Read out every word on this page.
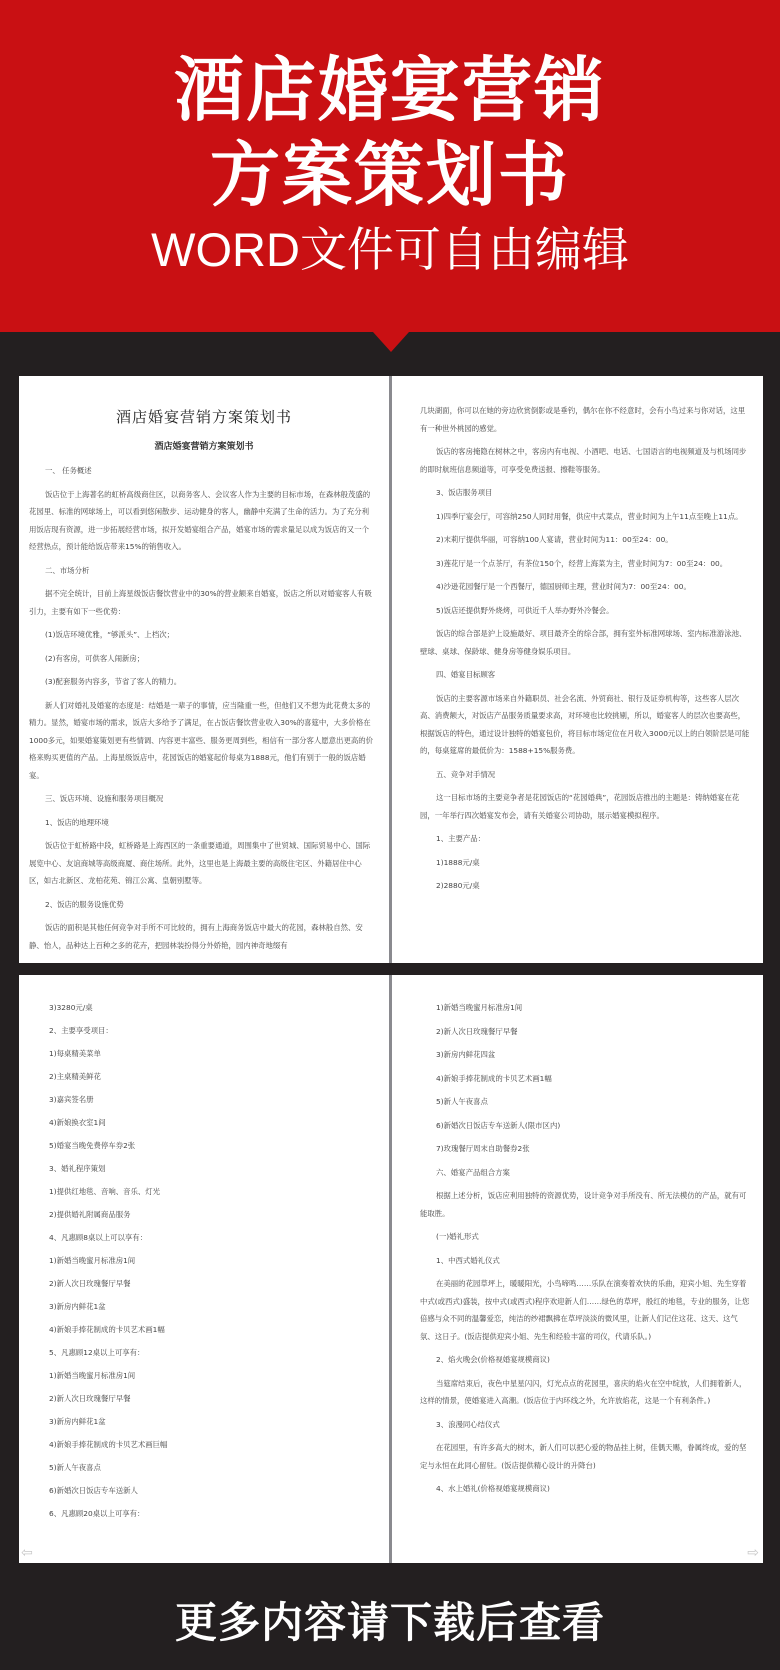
酒店婚宴营销
方案策划书
WORD文件可自由编辑
酒店婚宴营销方案策划书
酒店婚宴营销方案策划书
一、 任务概述
饭店位于上海著名的虹桥高级商住区，以商务客人、会议客人作为主要的目标市场，在森林般茂盛的花园里、标准的网球场上，可以看到悠闲散步、运动健身的客人，幽静中充满了生命的活力。为了充分利用饭店现有资源，进一步拓展经营市场，拟开发婚宴组合产品，婚宴市场的需求量足以成为饭店的又一个经营热点，预计能给饭店带来15%的销售收入。
二、市场分析
据不完全统计，目前上海星级饭店餐饮营业中的30%的营业额来自婚宴，饭店之所以对婚宴客人有吸引力，主要有如下一些优势：
(1)饭店环境优雅，“够派头”、上档次；
(2)有客房，可供客人闹新房；
(3)配套服务内容多，节省了客人的精力。
新人们对婚礼及婚宴的态度是：结婚是一辈子的事情，应当隆重一些，但他们又不想为此花费太多的精力。显然，婚宴市场的需求，饭店大多给予了满足，在占饭店餐饮营业收入30%的喜筵中，大多价格在1000多元，如果婚宴策划更有些情调、内容更丰富些、服务更周到些，相信有一部分客人愿意出更高的价格来购买更值的产品。上海星级饭店中，花园饭店的婚宴起价每桌为1888元，他们有别于一般的饭店婚宴。
三、饭店环境、设施和服务项目概况
1、饭店的地理环境
饭店位于虹桥路中段，虹桥路是上海西区的一条重要通道，周围集中了世贸城、国际贸易中心、国际展览中心、友谊商城等高级商厦、商住场所。此外，这里也是上海最主要的高级住宅区、外籍居住中心区，如古北新区、龙柏花苑、锦江公寓、皇朝别墅等。
2、饭店的服务设施优势
饭店的面积是其他任何竞争对手所不可比较的，拥有上海商务饭店中最大的花园，森林般自然、安静、怡人，品种达上百种之多的花卉，把园林装扮得分外娇艳，园内神奇地缀有
几块湖面，你可以在她的旁边欣赏倒影或是垂钓，偶尔在你不经意时，会有小鸟过来与你对话，这里有一种世外桃园的感觉。
饭店的客房掩隐在树林之中，客房内有电视、小酒吧、电话、七国语言的电视频道及与机场同步的即时航班信息频道等，可享受免费送报、擦鞋等服务。
3、饭店服务项目
1)四季厅宴会厅，可容纳250人同时用餐，供应中式菜点，营业时间为上午11点至晚上11点。
2)末莉厅提供华丽，可容纳100人宴请，营业时间为11：00至24：00。
3)莲花厅是一个点茶厅，有茶位150个，经营上海菜为主，营业时间为7：00至24：00。
4)沙逊花园餐厅是一个西餐厅，德国厨师主理，营业时间为7：00至24：00。
5)饭店还提供野外烧烤，可供近千人举办野外冷餐会。
饭店的综合部是沪上设施最好、项目最齐全的综合部，拥有室外标准网球场、室内标准游泳池、壁球、桌球、保龄球、健身房等健身娱乐项目。
四、婚宴目标顾客
饭店的主要客源市场来自外籍职员、社会名流、外贸商社、银行及证券机构等，这些客人层次高、消费额大，对饭店产品服务质量要求高，对环境也比较挑剔，所以，婚宴客人的层次也要高些，根据饭店的特色，通过设计独特的婚宴包价，将目标市场定位在月收入3000元以上的白领阶层是可能的，每桌筵席的最低价为：1588+15%服务费。
五、竞争对手情况
这一目标市场的主要竞争者是花园饭店的“花园婚典”，花园饭店推出的主题是：铸纳婚宴在花园，一年举行四次婚宴发布会，请有关婚宴公司协助，展示婚宴模拟程序。
1、主要产品：
1)1888元/桌
2)2880元/桌
3)3280元/桌
2、主要享受项目：
1)每桌精美菜单
2)主桌精美鲜花
3)嘉宾签名册
4)新娘换衣室1间
5)婚宴当晚免费停车券2张
3、婚礼程序策划
1)提供红地毯、音响、音乐、灯光
2)提供婚礼附属商品服务
4、凡惠顾8桌以上可以享有：
1)新婚当晚蜜月标准房1间
2)新人次日玫瑰餐厅早餐
3)新房内鲜花1盆
4)新娘手捧花制成的卡贝艺术画1幅
5、凡惠顾12桌以上可享有：
1)新婚当晚蜜月标准房1间
2)新人次日玫瑰餐厅早餐
3)新房内鲜花1盆
4)新娘手捧花制成的卡贝艺术画巨幅
5)新人午夜喜点
6)新婚次日饭店专车送新人
6、凡惠顾20桌以上可享有：
⇦
1)新婚当晚蜜月标准房1间
2)新人次日玫瑰餐厅早餐
3)新房内鲜花四盆
4)新娘手捧花制成的卡贝艺术画1幅
5)新人午夜喜点
6)新婚次日饭店专车送新人(限市区内)
7)玫瑰餐厅周末自助餐券2张
六、婚宴产品组合方案
根据上述分析，饭店应利用独特的资源优势，设计竞争对手所没有、所无法模仿的产品，就有可能取胜。
(一)婚礼形式
1、中西式婚礼仪式
在美丽的花园草坪上，暖暖阳光，小鸟啼鸣……乐队在演奏着欢快的乐曲，迎宾小姐、先生穿着中式(或西式)盛装，按中式(或西式)程序欢迎新人们……绿色的草坪，殷红的地毯，专业的服务，让您倍感与众不同的温馨爱恋，纯洁的纱裙飘拂在草坪淡淡的微风里，让新人们记住这花、这天、这气氛、这日子。(饭店提供迎宾小姐、先生和经验丰富的司仪，代请乐队。)
2、焰火晚会(价格视婚宴规模商议)
当筵席结束后，夜色中星星闪闪，灯光点点的花园里，喜庆的焰火在空中绽放，人们拥着新人，这样的情景，使婚宴进入高潮。(饭店位于内环线之外，允许放焰花，这是一个有利条件。)
3、浪漫同心结仪式
在花园里，有许多高大的树木，新人们可以把心爱的物品挂上树，佳偶天赐，眷属终成，爱的坚定与永恒在此同心留驻。(饭店提供精心设计的升降台)
4、水上婚礼(价格视婚宴规模商议)
⇨
更多内容请下载后查看
